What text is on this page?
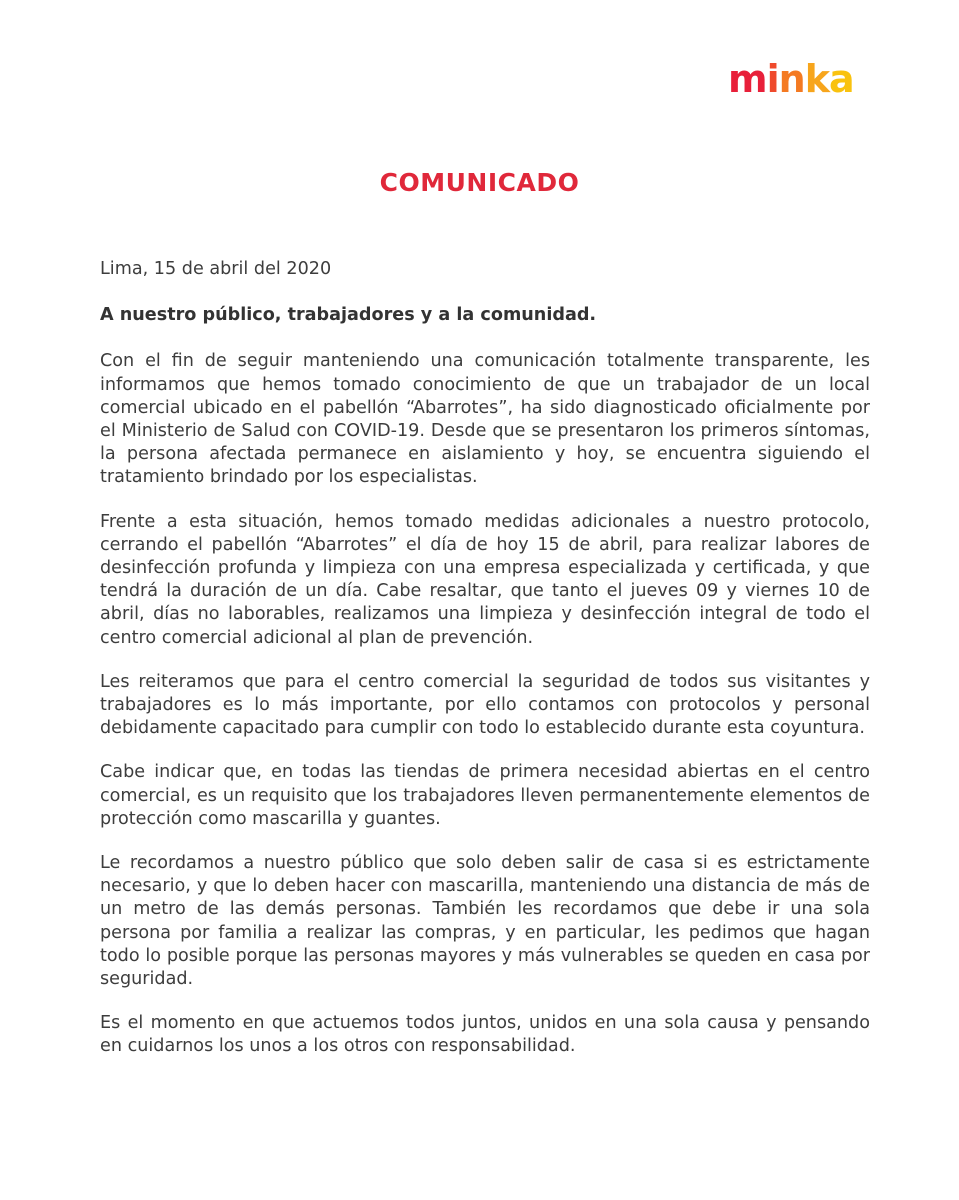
minka
COMUNICADO

Lima, 15 de abril del 2020

A nuestro público, trabajadores y a la comunidad.

Con el fin de seguir manteniendo una comunicación totalmente transparente, les informamos que hemos tomado conocimiento de que un trabajador de un local comercial ubicado en el pabellón “Abarrotes”, ha sido diagnosticado oficialmente por el Ministerio de Salud con COVID-19. Desde que se presentaron los primeros síntomas, la persona afectada permanece en aislamiento y hoy, se encuentra siguiendo el tratamiento brindado por los especialistas.

Frente a esta situación, hemos tomado medidas adicionales a nuestro protocolo, cerrando el pabellón “Abarrotes” el día de hoy 15 de abril, para realizar labores de desinfección profunda y limpieza con una empresa especializada y certificada, y que tendrá la duración de un día. Cabe resaltar, que tanto el jueves 09 y viernes 10 de abril, días no laborables, realizamos una limpieza y desinfección integral de todo el centro comercial adicional al plan de prevención.

Les reiteramos que para el centro comercial la seguridad de todos sus visitantes y trabajadores es lo más importante, por ello contamos con protocolos y personal debidamente capacitado para cumplir con todo lo establecido durante esta coyuntura.

Cabe indicar que, en todas las tiendas de primera necesidad abiertas en el centro comercial, es un requisito que los trabajadores lleven permanentemente elementos de protección como mascarilla y guantes.

Le recordamos a nuestro público que solo deben salir de casa si es estrictamente necesario, y que lo deben hacer con mascarilla, manteniendo una distancia de más de un metro de las demás personas. También les recordamos que debe ir una sola persona por familia a realizar las compras, y en particular, les pedimos que hagan todo lo posible porque las personas mayores y más vulnerables se queden en casa por seguridad.

Es el momento en que actuemos todos juntos, unidos en una sola causa y pensando en cuidarnos los unos a los otros con responsabilidad.
